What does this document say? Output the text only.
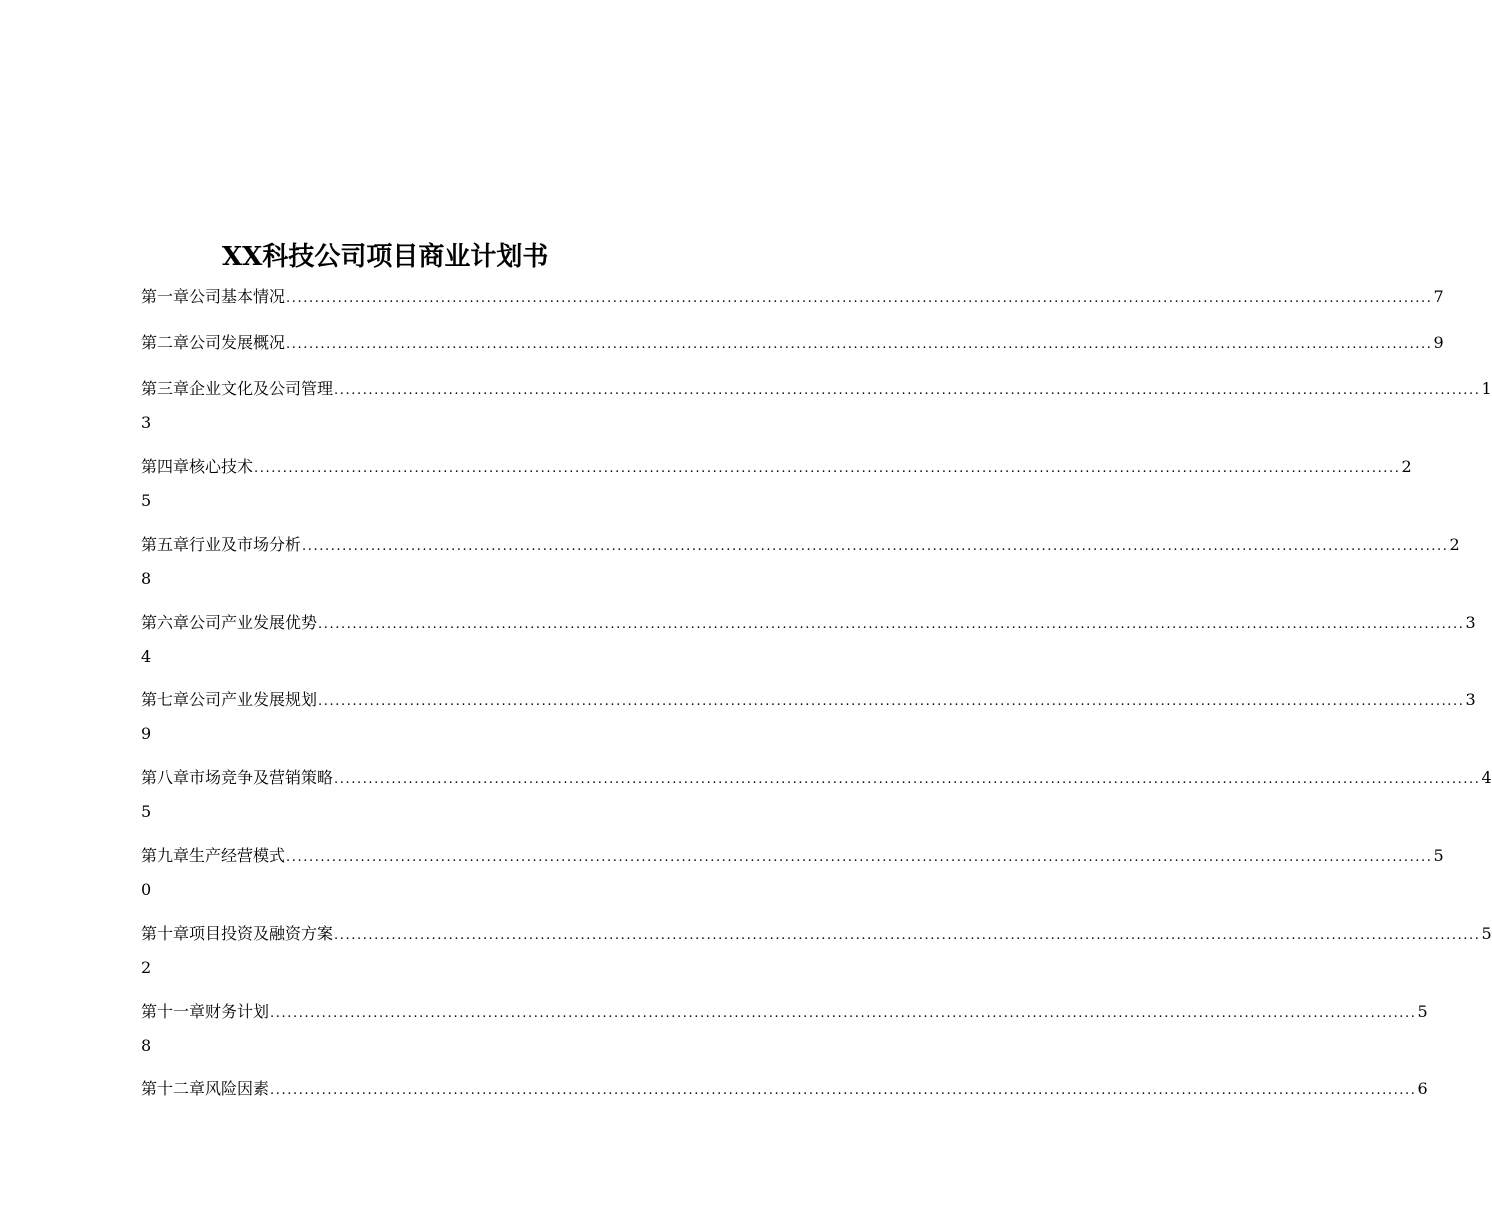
XX科技公司项目商业计划书
第一章 公司基本情况 ........................................................................................................................................................................................................ 7
第二章 公司发展概况 ........................................................................................................................................................................................................ 9
第三章 企业文化及公司管理 ........................................................................................................................................................................................................ 1
3
第四章 核心技术 ........................................................................................................................................................................................................ 2
5
第五章 行业及市场分析 ........................................................................................................................................................................................................ 2
8
第六章 公司产业发展优势 ........................................................................................................................................................................................................ 3
4
第七章 公司产业发展规划 ........................................................................................................................................................................................................ 3
9
第八章 市场竞争及营销策略 ........................................................................................................................................................................................................ 4
5
第九章 生产经营模式 ........................................................................................................................................................................................................ 5
0
第十章 项目投资及融资方案 ........................................................................................................................................................................................................ 5
2
第十一章 财务计划 ........................................................................................................................................................................................................ 5
8
第十二章 风险因素 ........................................................................................................................................................................................................ 6
